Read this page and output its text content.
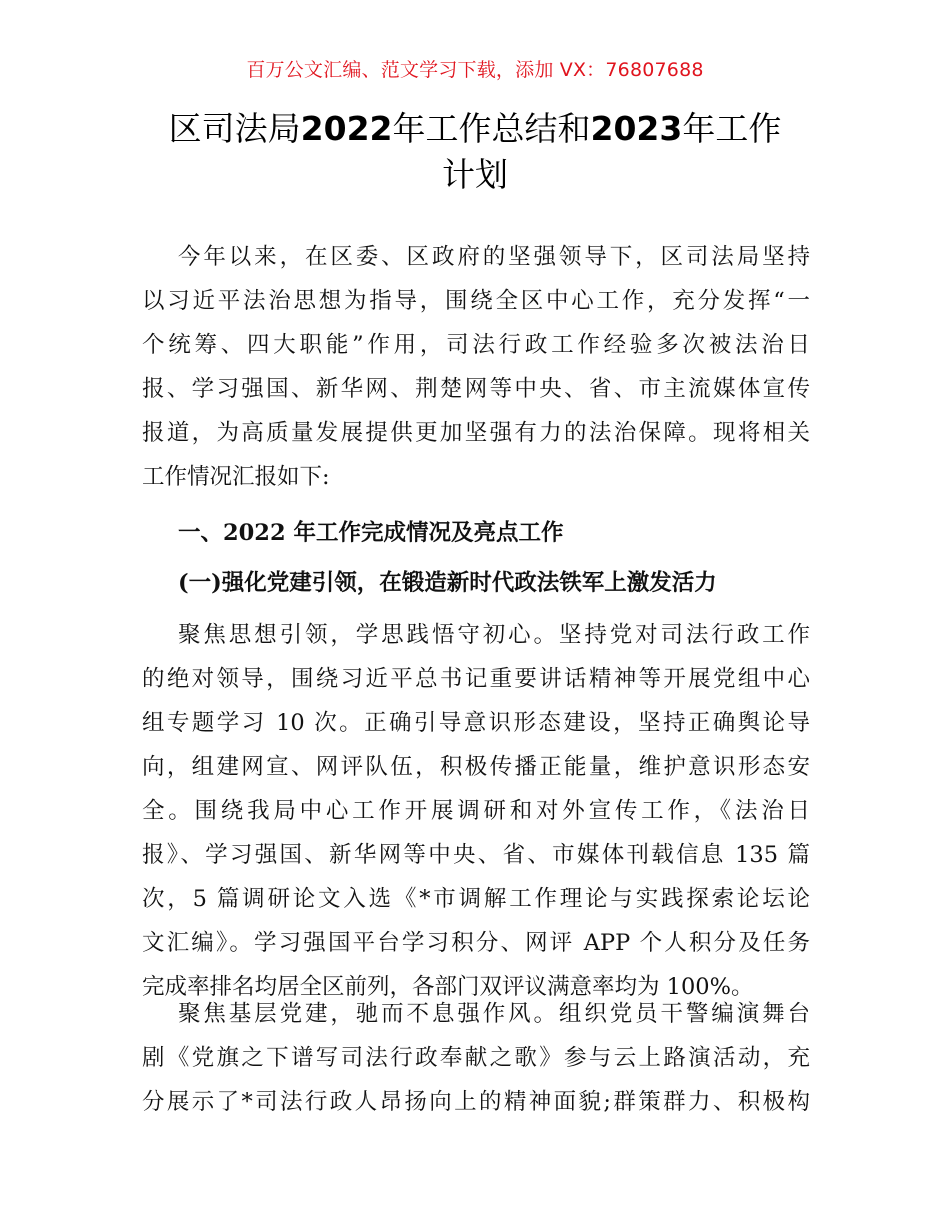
百万公文汇编、范文学习下载，添加 VX：76807688
区司法局2022年工作总结和2023年工作
计划
今年以来，在区委、区政府的坚强领导下，区司法局坚持
以习近平法治思想为指导，围绕全区中心工作，充分发挥“一
个统筹、四大职能”作用，司法行政工作经验多次被法治日
报、学习强国、新华网、荆楚网等中央、省、市主流媒体宣传
报道，为高质量发展提供更加坚强有力的法治保障。现将相关
工作情况汇报如下:
一、2022 年工作完成情况及亮点工作
(一)强化党建引领，在锻造新时代政法铁军上激发活力
聚焦思想引领，学思践悟守初心。坚持党对司法行政工作
的绝对领导，围绕习近平总书记重要讲话精神等开展党组中心
组专题学习 10 次。正确引导意识形态建设，坚持正确舆论导
向，组建网宣、网评队伍，积极传播正能量，维护意识形态安
全。围绕我局中心工作开展调研和对外宣传工作，《法治日
报》、学习强国、新华网等中央、省、市媒体刊载信息 135 篇
次，5 篇调研论文入选《*市调解工作理论与实践探索论坛论
文汇编》。学习强国平台学习积分、网评 APP 个人积分及任务
完成率排名均居全区前列，各部门双评议满意率均为 100%。
聚焦基层党建，驰而不息强作风。组织党员干警编演舞台
剧《党旗之下谱写司法行政奉献之歌》参与云上路演活动，充
分展示了*司法行政人昂扬向上的精神面貌;群策群力、积极构
